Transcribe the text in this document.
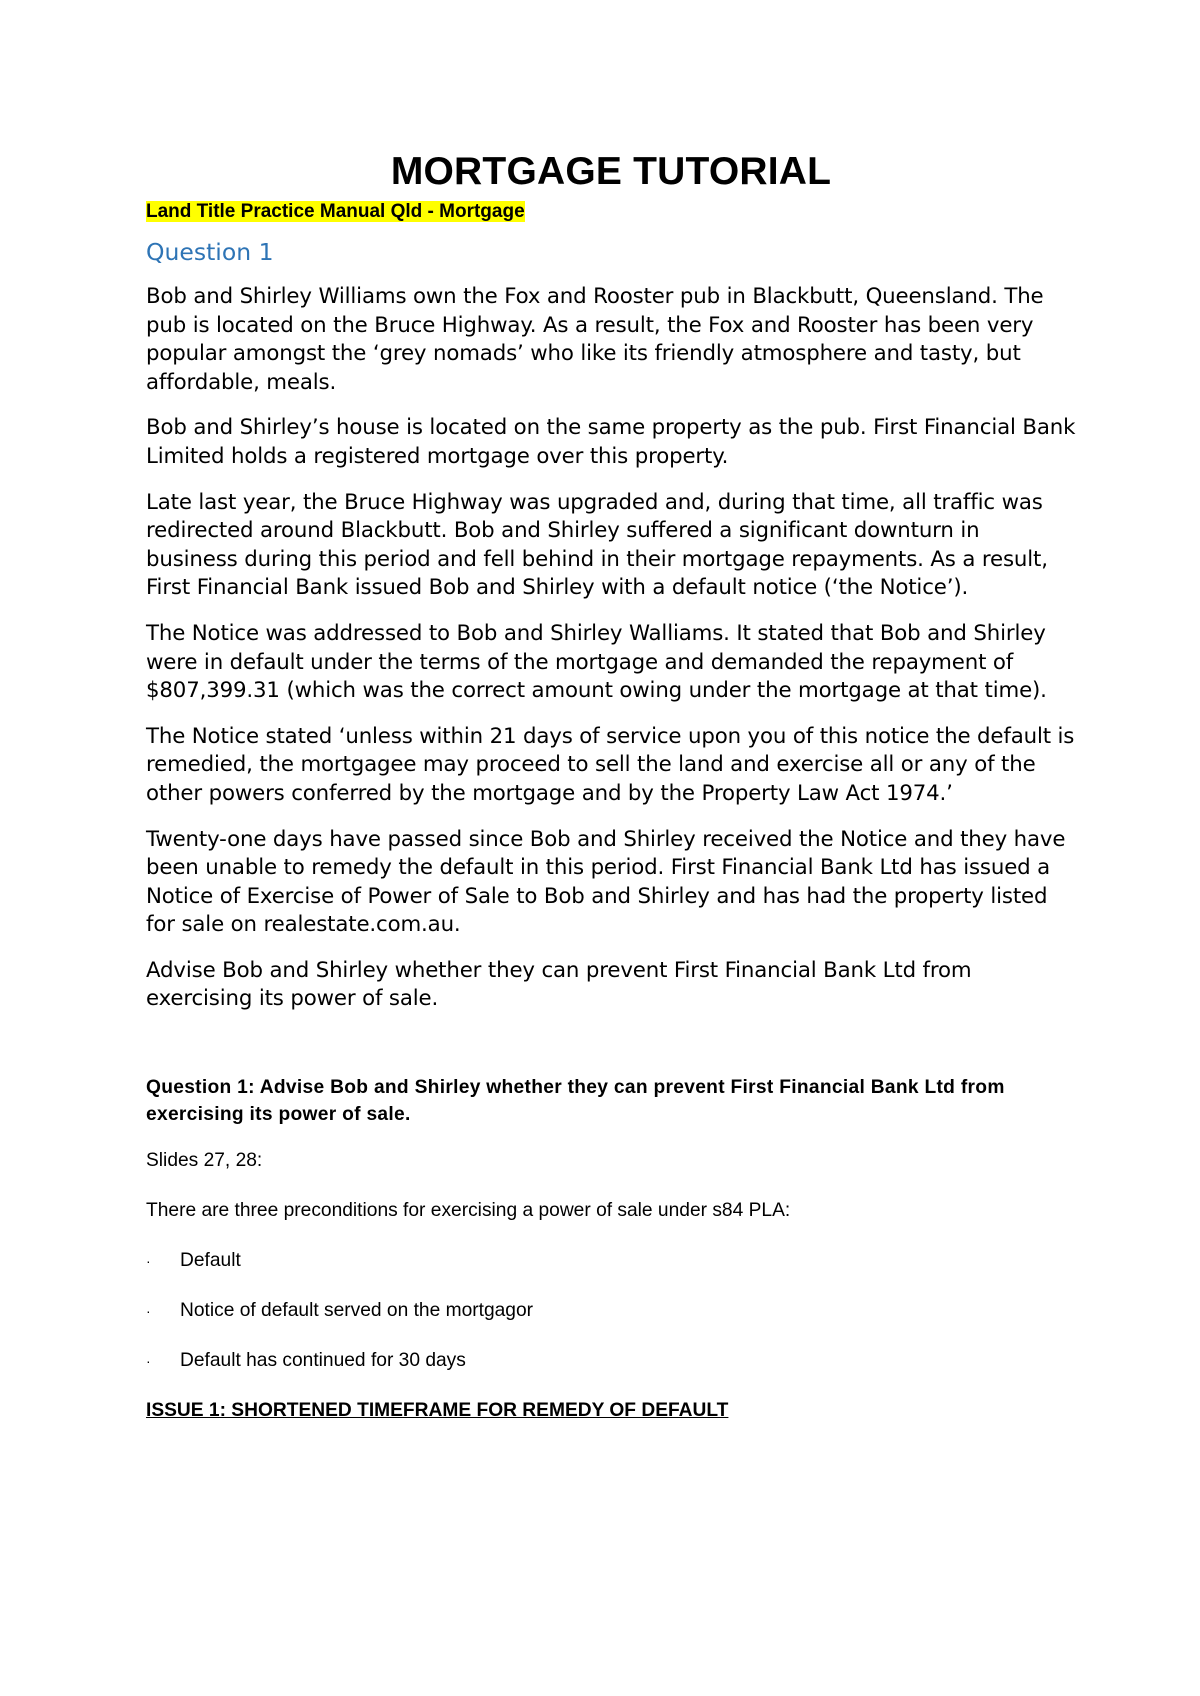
MORTGAGE TUTORIAL
Land Title Practice Manual Qld - Mortgage
Question 1

Bob and Shirley Williams own the Fox and Rooster pub in Blackbutt, Queensland. The pub is located on the Bruce Highway. As a result, the Fox and Rooster has been very popular amongst the ‘grey nomads’ who like its friendly atmosphere and tasty, but affordable, meals.

Bob and Shirley’s house is located on the same property as the pub. First Financial Bank Limited holds a registered mortgage over this property.

Late last year, the Bruce Highway was upgraded and, during that time, all traffic was redirected around Blackbutt. Bob and Shirley suffered a significant downturn in business during this period and fell behind in their mortgage repayments. As a result, First Financial Bank issued Bob and Shirley with a default notice (‘the Notice’).

The Notice was addressed to Bob and Shirley Walliams. It stated that Bob and Shirley were in default under the terms of the mortgage and demanded the repayment of $807,399.31 (which was the correct amount owing under the mortgage at that time).

The Notice stated ‘unless within 21 days of service upon you of this notice the default is remedied, the mortgagee may proceed to sell the land and exercise all or any of the other powers conferred by the mortgage and by the Property Law Act 1974.’

Twenty-one days have passed since Bob and Shirley received the Notice and they have been unable to remedy the default in this period. First Financial Bank Ltd has issued a Notice of Exercise of Power of Sale to Bob and Shirley and has had the property listed for sale on realestate.com.au.

Advise Bob and Shirley whether they can prevent First Financial Bank Ltd from exercising its power of sale.

Question 1: Advise Bob and Shirley whether they can prevent First Financial Bank Ltd from exercising its power of sale.

Slides 27, 28:

There are three preconditions for exercising a power of sale under s84 PLA:

·	Default
·	Notice of default served on the mortgagor
·	Default has continued for 30 days

ISSUE 1: SHORTENED TIMEFRAME FOR REMEDY OF DEFAULT
